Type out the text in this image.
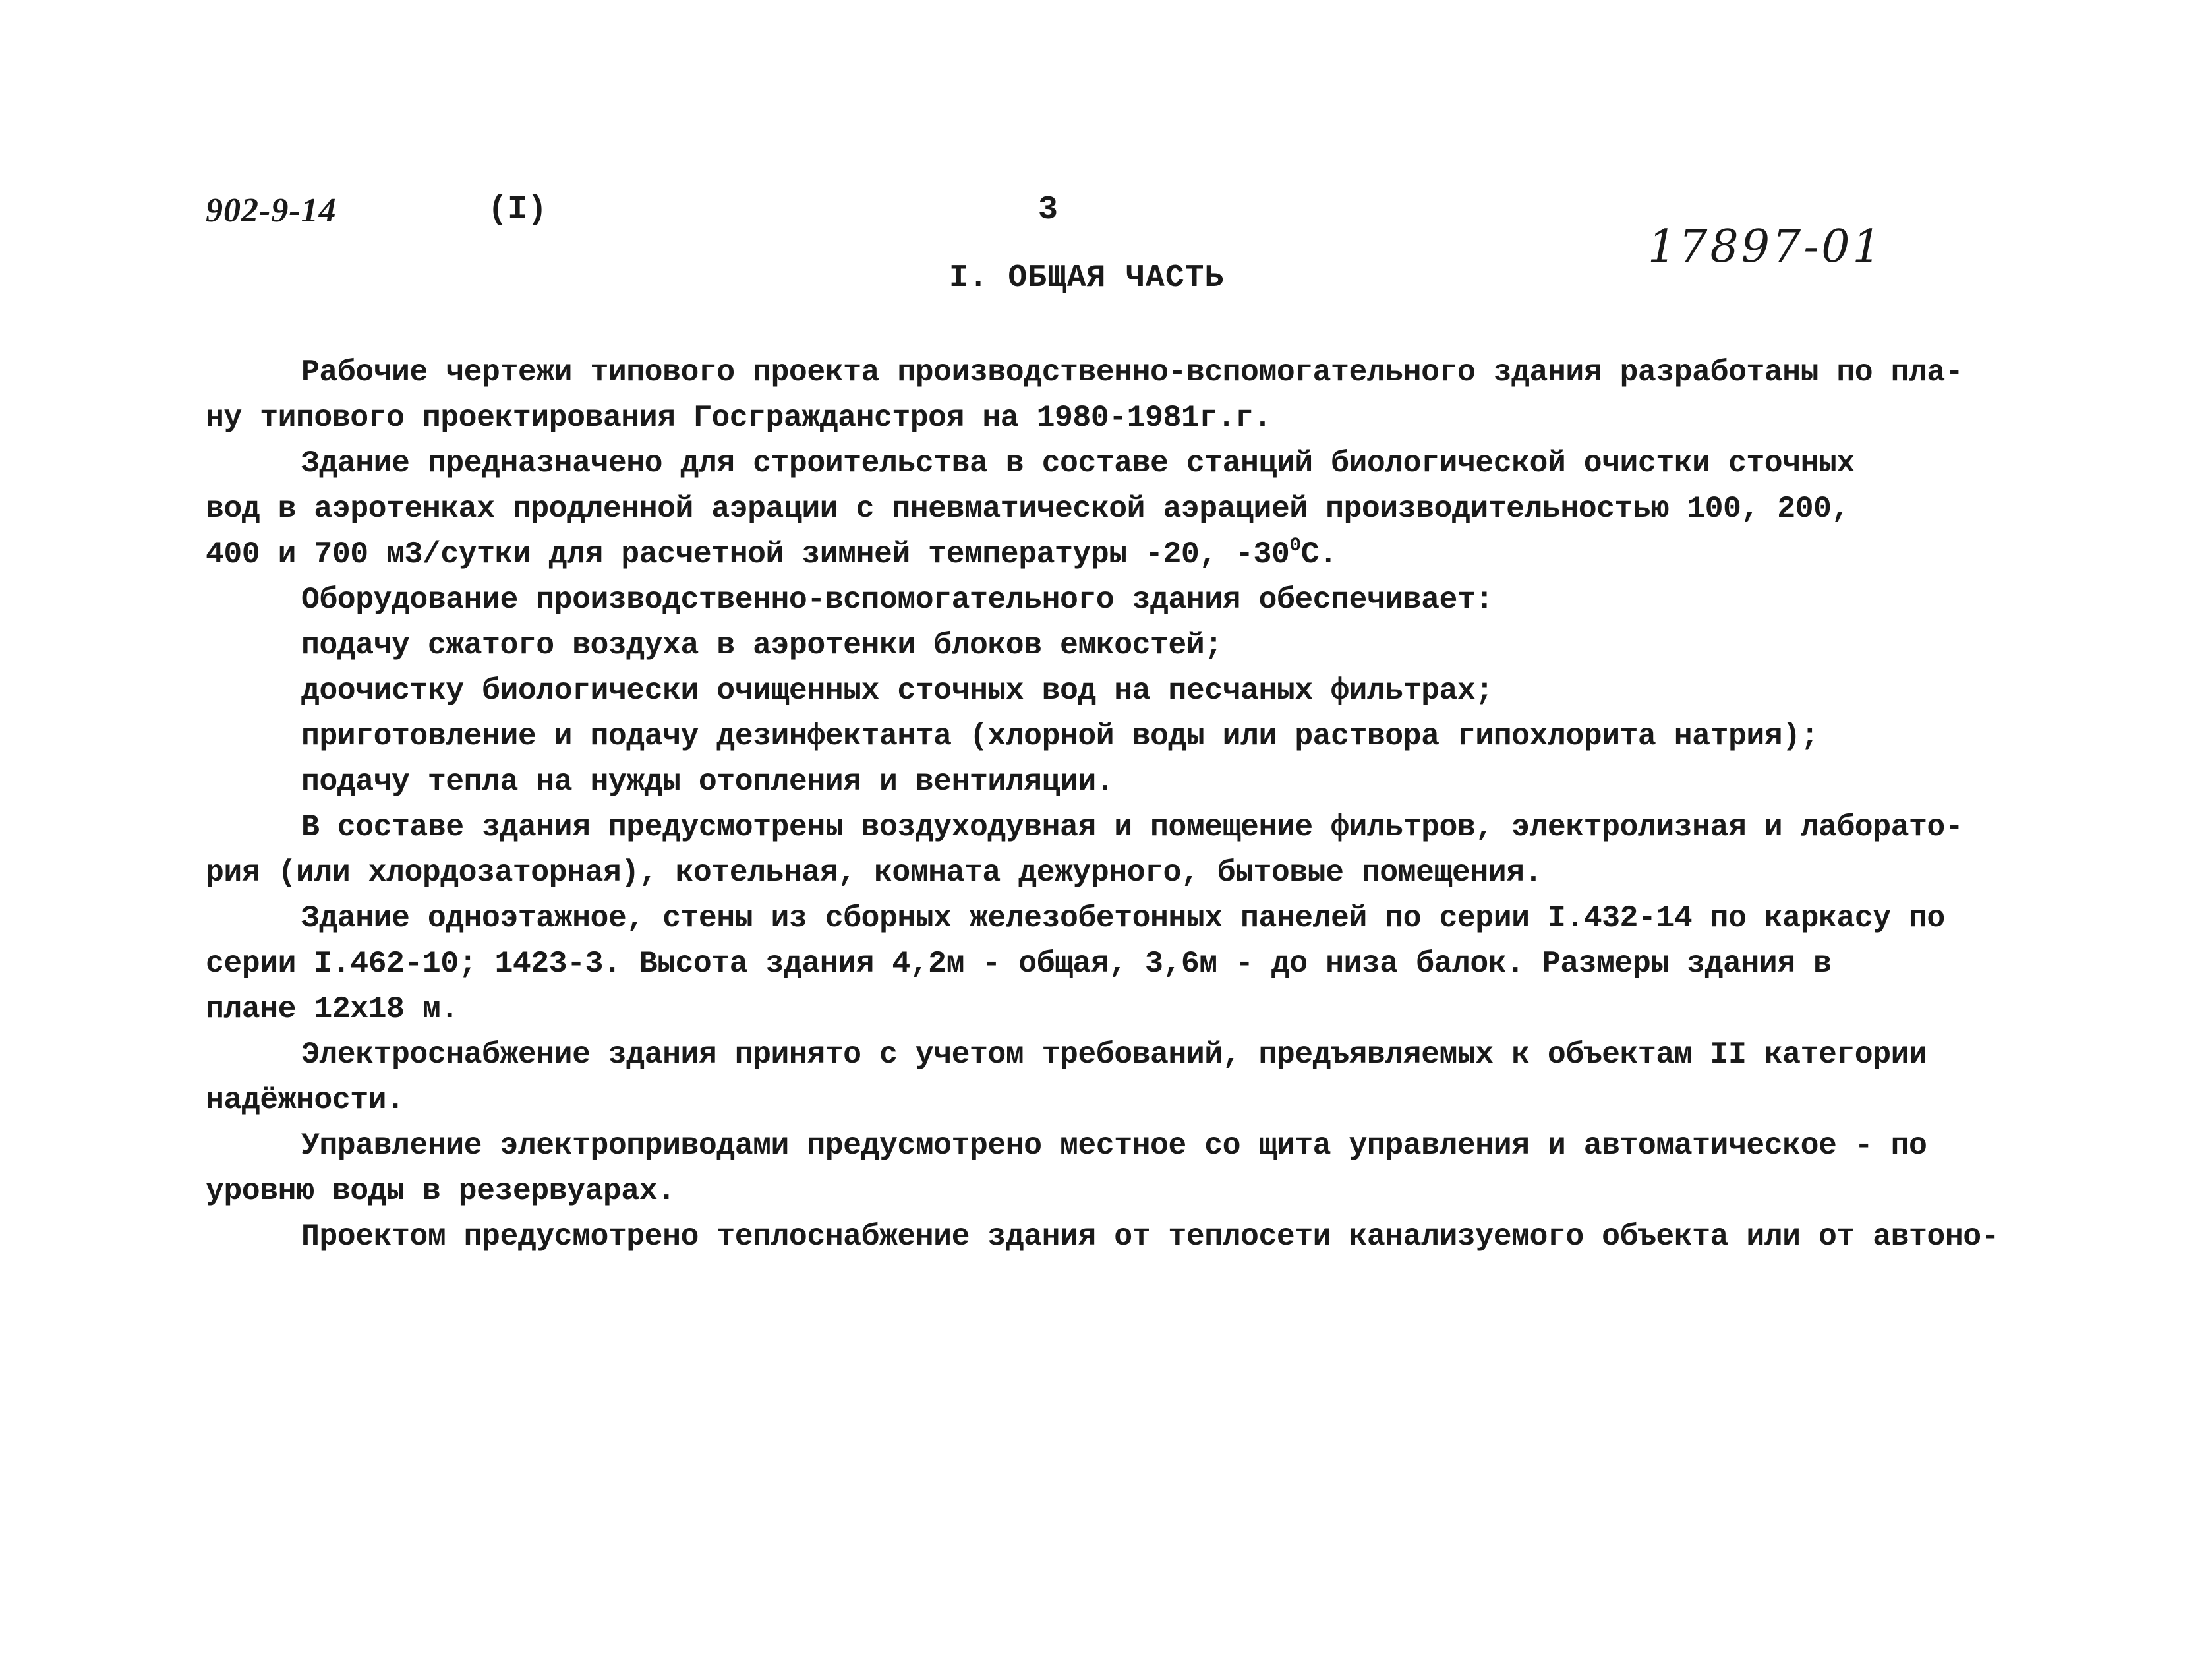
902-9-14	(I)	3
17897-01
I. ОБЩАЯ ЧАСТЬ
Рабочие чертежи типового проекта производственно-вспомогательного здания разработаны по пла-
ну типового проектирования Госгражданстроя на 1980-1981г.г.
Здание предназначено для строительства в составе станций биологической очистки сточных
вод в аэротенках продленной аэрации с пневматической аэрацией производительностью 100, 200,
400 и 700 м3/сутки для расчетной зимней температуры -20, $-30^0С$.
Оборудование производственно-вспомогательного здания обеспечивает:
подачу сжатого воздуха в аэротенки блоков емкостей;
доочистку биологически очищенных сточных вод на песчаных фильтрах;
приготовление и подачу дезинфектанта (хлорной воды или раствора гипохлорита натрия);
подачу тепла на нужды отопления и вентиляции.
В составе здания предусмотрены воздуходувная и помещение фильтров, электролизная и лаборато-
рия (или хлордозаторная), котельная, комната дежурного, бытовые помещения.
Здание одноэтажное, стены из сборных железобетонных панелей по серии I.432-14 по каркасу по
серии I.462-10; 1423-3. Высота здания 4,2м - общая, 3,6м - до низа балок. Размеры здания в
плане 12х18 м.
Электроснабжение здания принято с учетом требований, предъявляемых к объектам II категории
надёжности.
Управление электроприводами предусмотрено местное со щита управления и автоматическое - по
уровню воды в резервуарах.
Проектом предусмотрено теплоснабжение здания от теплосети канализуемого объекта или от автоно-
